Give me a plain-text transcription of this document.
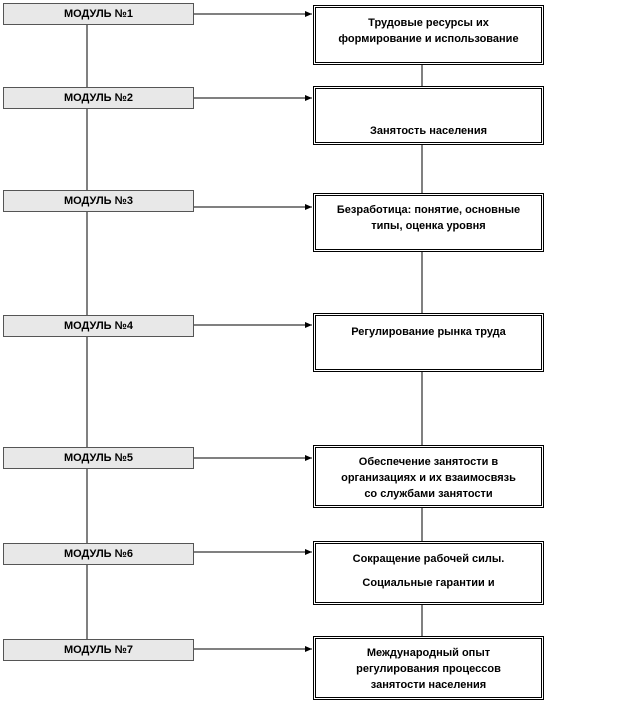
МОДУЛЬ №1
МОДУЛЬ №2
МОДУЛЬ №3
МОДУЛЬ №4
МОДУЛЬ №5
МОДУЛЬ №6
МОДУЛЬ №7
Трудовые ресурсы их
формирование и использование
Занятость населения
Безработица: понятие, основные
типы, оценка уровня
Регулирование рынка труда
Обеспечение занятости в
организациях и их взаимосвязь
со службами занятости
Сокращение рабочей силы.
Социальные гарантии и
Международный опыт
регулирования процессов
занятости населения
